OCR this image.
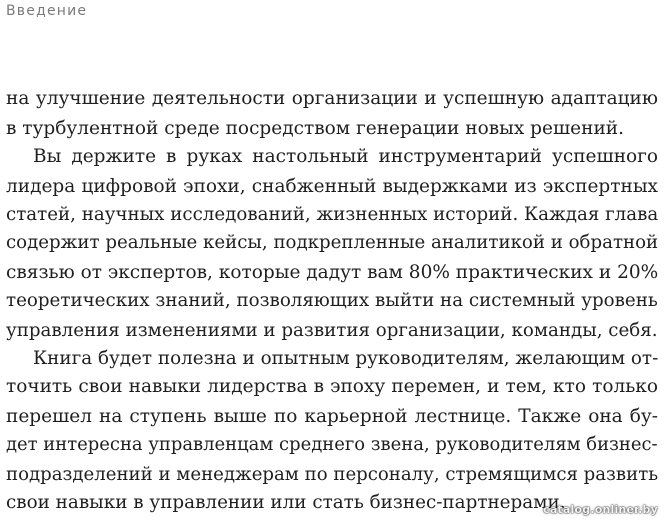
Введение
на улучшение деятельности организации и успешную адаптацию
в турбулентной среде посредством генерации новых решений.
Вы держите в руках настольный инструментарий успешного
лидера цифровой эпохи, снабженный выдержками из экспертных
статей, научных исследований, жизненных историй. Каждая глава
содержит реальные кейсы, подкрепленные аналитикой и обратной
связью от экспертов, которые дадут вам 80% практических и 20%
теоретических знаний, позволяющих выйти на системный уровень
управления изменениями и развития организации, команды, себя.
Книга будет полезна и опытным руководителям, желающим от-
точить свои навыки лидерства в эпоху перемен, и тем, кто только
перешел на ступень выше по карьерной лестнице. Также она бу-
дет интересна управленцам среднего звена, руководителям бизнес-
подразделений и менеджерам по персоналу, стремящимся развить
свои навыки в управлении или стать бизнес-партнерами.
catalog.onliner.by
